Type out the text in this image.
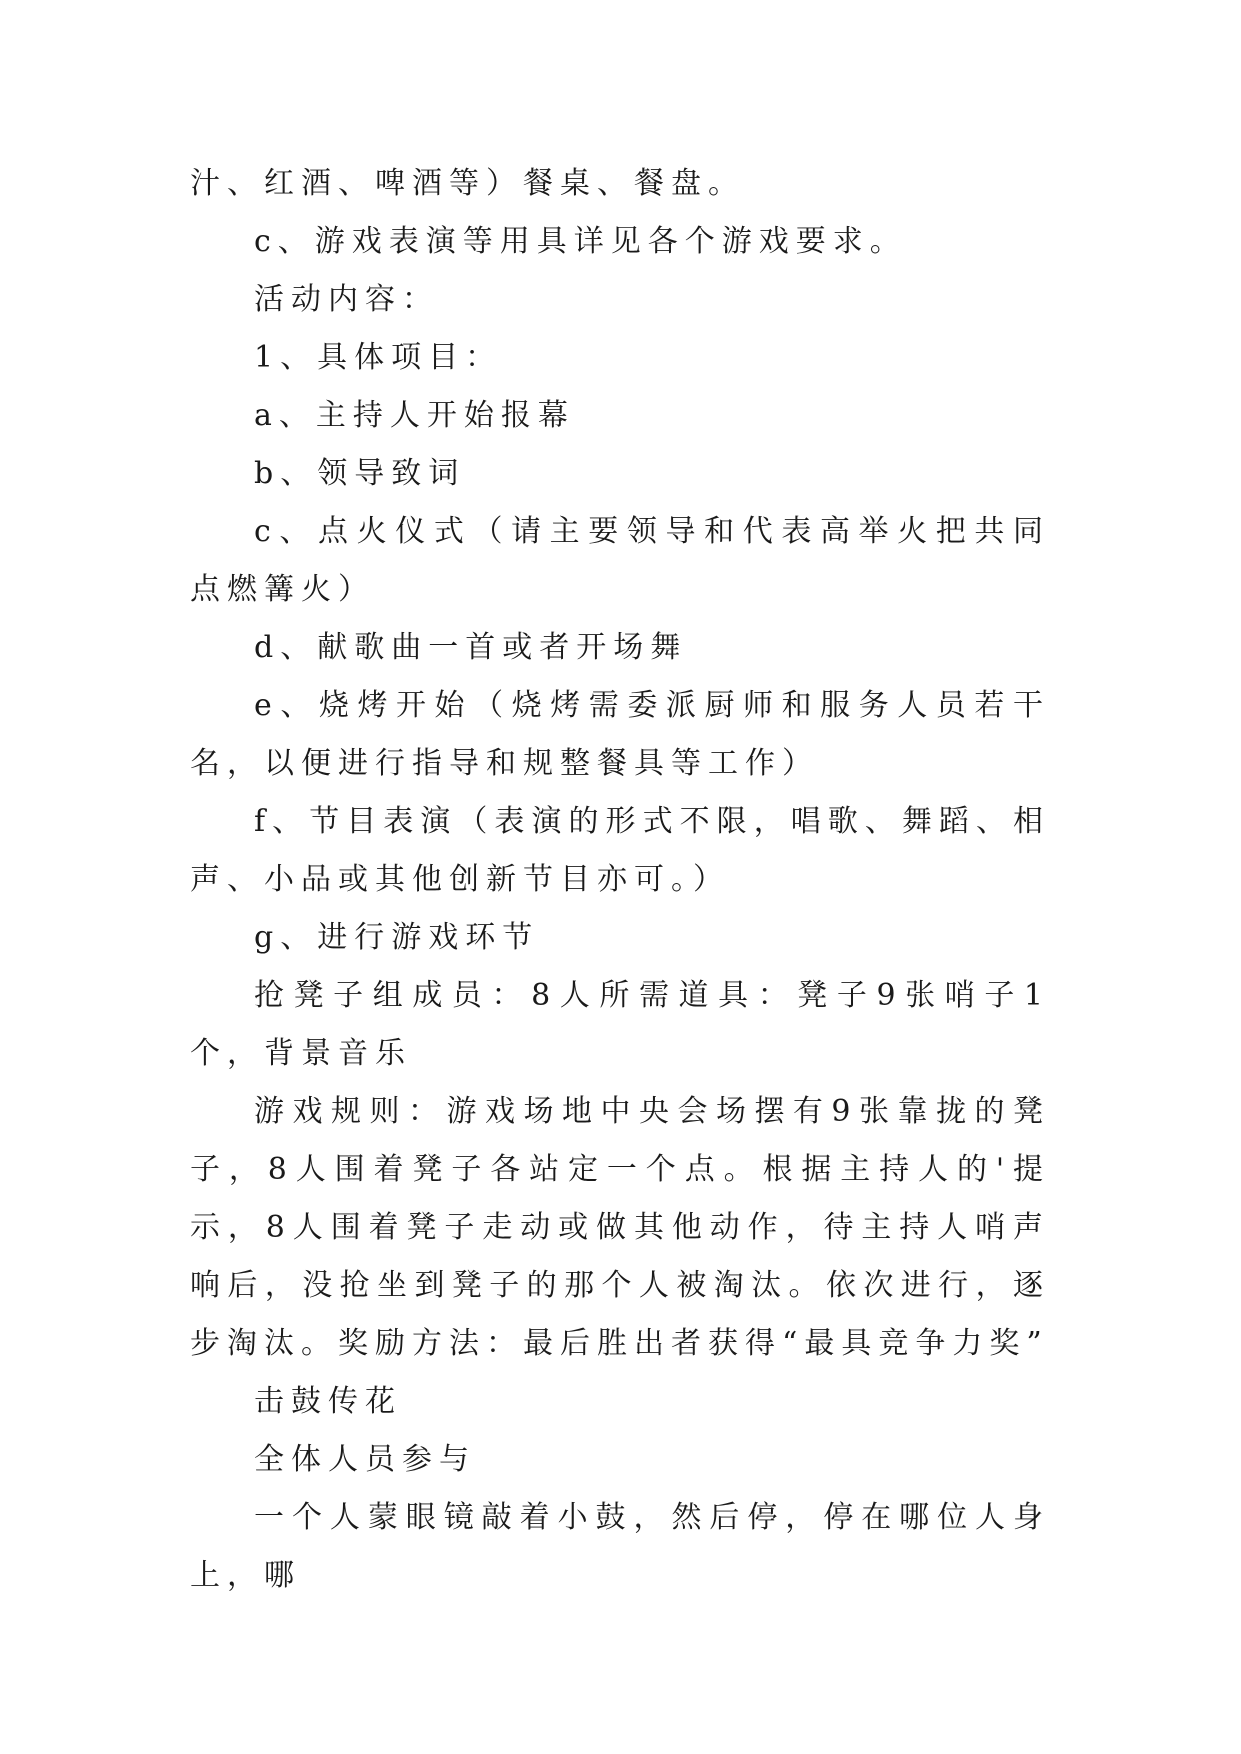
汁、红酒、啤酒等）餐桌、餐盘。

c、游戏表演等用具详见各个游戏要求。

活动内容：

1、具体项目：

a、主持人开始报幕

b、领导致词

c、点火仪式（请主要领导和代表高举火把共同点燃篝火）

d、献歌曲一首或者开场舞

e、烧烤开始（烧烤需委派厨师和服务人员若干名，以便进行指导和规整餐具等工作）

f、节目表演（表演的形式不限，唱歌、舞蹈、相声、小品或其他创新节目亦可。）

g、进行游戏环节

抢凳子组成员：8人所需道具：凳子9张哨子1个，背景音乐

游戏规则：游戏场地中央会场摆有9张靠拢的凳子，8人围着凳子各站定一个点。根据主持人的'提示，8人围着凳子走动或做其他动作，待主持人哨声响后，没抢坐到凳子的那个人被淘汰。依次进行，逐步淘汰。奖励方法：最后胜出者获得“最具竞争力奖”

击鼓传花

全体人员参与

一个人蒙眼镜敲着小鼓，然后停，停在哪位人身上，哪
